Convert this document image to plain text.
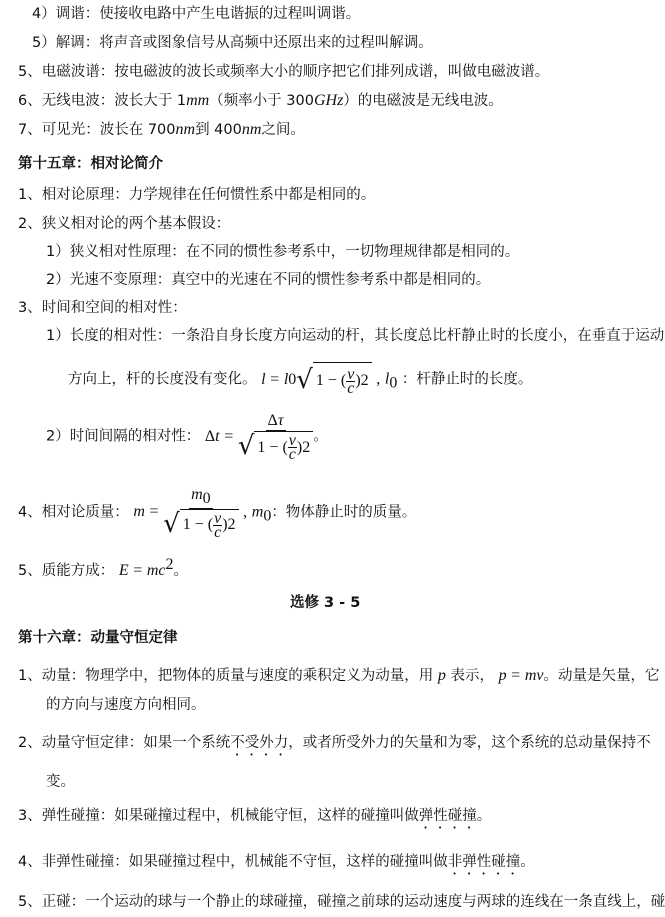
4）调谐：使接收电路中产生电谐振的过程叫调谐。
5）解调：将声音或图象信号从高频中还原出来的过程叫解调。
5、电磁波谱：按电磁波的波长或频率大小的顺序把它们排列成谱，叫做电磁波谱。
6、无线电波：波长大于 1mm（频率小于 300GHz）的电磁波是无线电波。
7、可见光：波长在 700nm到 400nm之间。
第十五章：相对论简介
1、相对论原理：力学规律在任何惯性系中都是相同的。
2、狭义相对论的两个基本假设：
1）狭义相对性原理：在不同的惯性参考系中，一切物理规律都是相同的。
2）光速不变原理：真空中的光速在不同的惯性参考系中都是相同的。
3、时间和空间的相对性：
1）长度的相对性：一条沿自身长度方向运动的杆，其长度总比杆静止时的长度小，在垂直于运动
方向上，杆的长度没有变化。 l
=
l 0 √ 1 − ( $\frac{v}{c}$ ) 2 , $l_0$ ：杆静止时的长度。
2）时间间隔的相对性： Δ t
=
$\frac{\Delta\tau}{√ 1 - ( \frac{v}{c} ) 2}$ 。
4、相对论质量： m
=
$\frac{m_0}{√ 1 - ( \frac{v}{c} ) 2}$ , $m_0$：物体静止时的质量。
5、质能方成： $E = mc^2$。
选修 3 - 5
第十六章：动量守恒定律
1、动量：物理学中，把物体的质量与速度的乘积定义为动量，用 p 表示， p = mv。动量是矢量，它
的方向与速度方向相同。
2、动量守恒定律：如果一个系统不受外力，或者所受外力的矢量和为零，这个系统的总动量保持不
变。
3、弹性碰撞：如果碰撞过程中，机械能守恒，这样的碰撞叫做弹性碰撞。
4、非弹性碰撞：如果碰撞过程中，机械能不守恒，这样的碰撞叫做非弹性碰撞。
5、正碰：一个运动的球与一个静止的球碰撞，碰撞之前球的运动速度与两球的连线在一条直线上，碰
